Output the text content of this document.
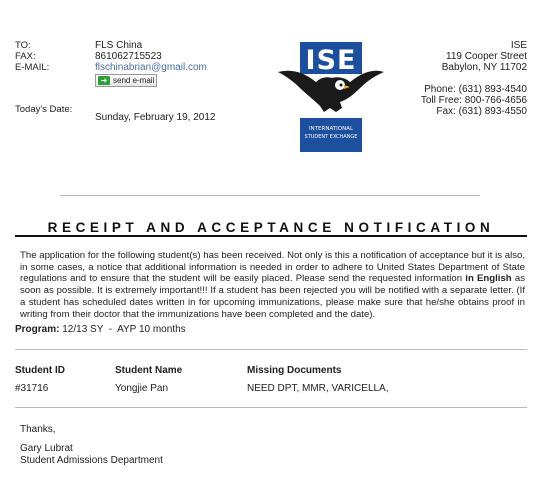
TO:	FLS China
FAX:	861062715523
E-MAIL:	flschinabrian@gmail.com
➔ send e-mail
Today's Date:
Sunday, February 19, 2012
ISE
INTERNATIONAL
STUDENT EXCHANGE
ISE
119 Cooper Street
Babylon, NY 11702
Phone: (631) 893-4540
Toll Free: 800-766-4656
Fax: (631) 893-4550
RECEIPT AND ACCEPTANCE NOTIFICATION
The application for the following student(s) has been received. Not only is this a notification of acceptance but it is also, in some cases, a notice that additional information is needed in order to adhere to United States Department of State regulations and to ensure that the student will be easily placed. Please send the requested information in English as soon as possible. It is extremely important!!! If a student has been rejected you will be notified with a separate letter. (If a student has scheduled dates written in for upcoming immunizations, please make sure that he/she obtains proof in writing from their doctor that the immunizations have been completed and the date).
Program: 12/13 SY  -  AYP 10 months
Student ID	Student Name	Missing Documents
#31716	Yongjie Pan	NEED DPT, MMR, VARICELLA,
Thanks,
Gary Lubrat
Student Admissions Department
